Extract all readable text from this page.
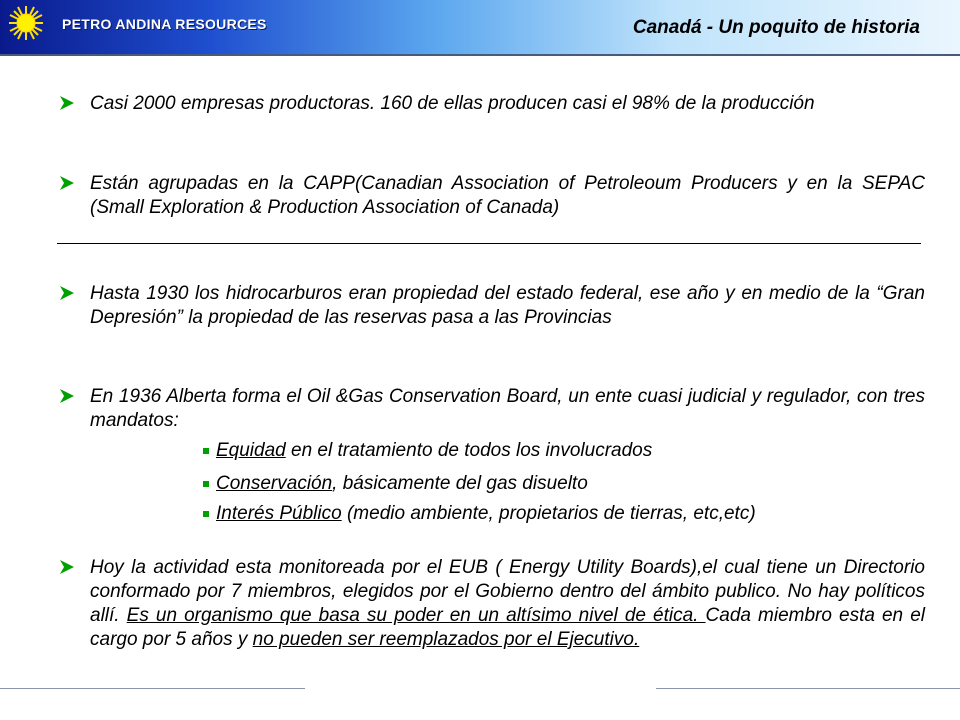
PETRO ANDINA RESOURCES	Canadá - Un poquito de historia
Casi 2000 empresas productoras. 160 de ellas producen casi el 98% de la producción
Están agrupadas en la CAPP(Canadian Association of Petroleoum Producers y en la SEPAC (Small Exploration & Production Association of Canada)
Hasta 1930 los hidrocarburos eran propiedad del estado federal, ese año y en medio de la “Gran Depresión” la propiedad de las reservas pasa a las Provincias
En 1936 Alberta forma el Oil &Gas Conservation Board, un ente cuasi judicial y regulador, con tres mandatos:
Equidad en el tratamiento de todos los involucrados
Conservación, básicamente del gas disuelto
Interés Público (medio ambiente, propietarios de tierras, etc,etc)
Hoy la actividad esta monitoreada por el EUB ( Energy Utility Boards),el cual tiene un Directorio conformado por 7 miembros, elegidos por el Gobierno dentro del ámbito publico. No hay políticos allí. Es un organismo que basa su poder en un altísimo nivel de ética. Cada miembro esta en el cargo por 5 años y no pueden ser reemplazados por el Ejecutivo.
